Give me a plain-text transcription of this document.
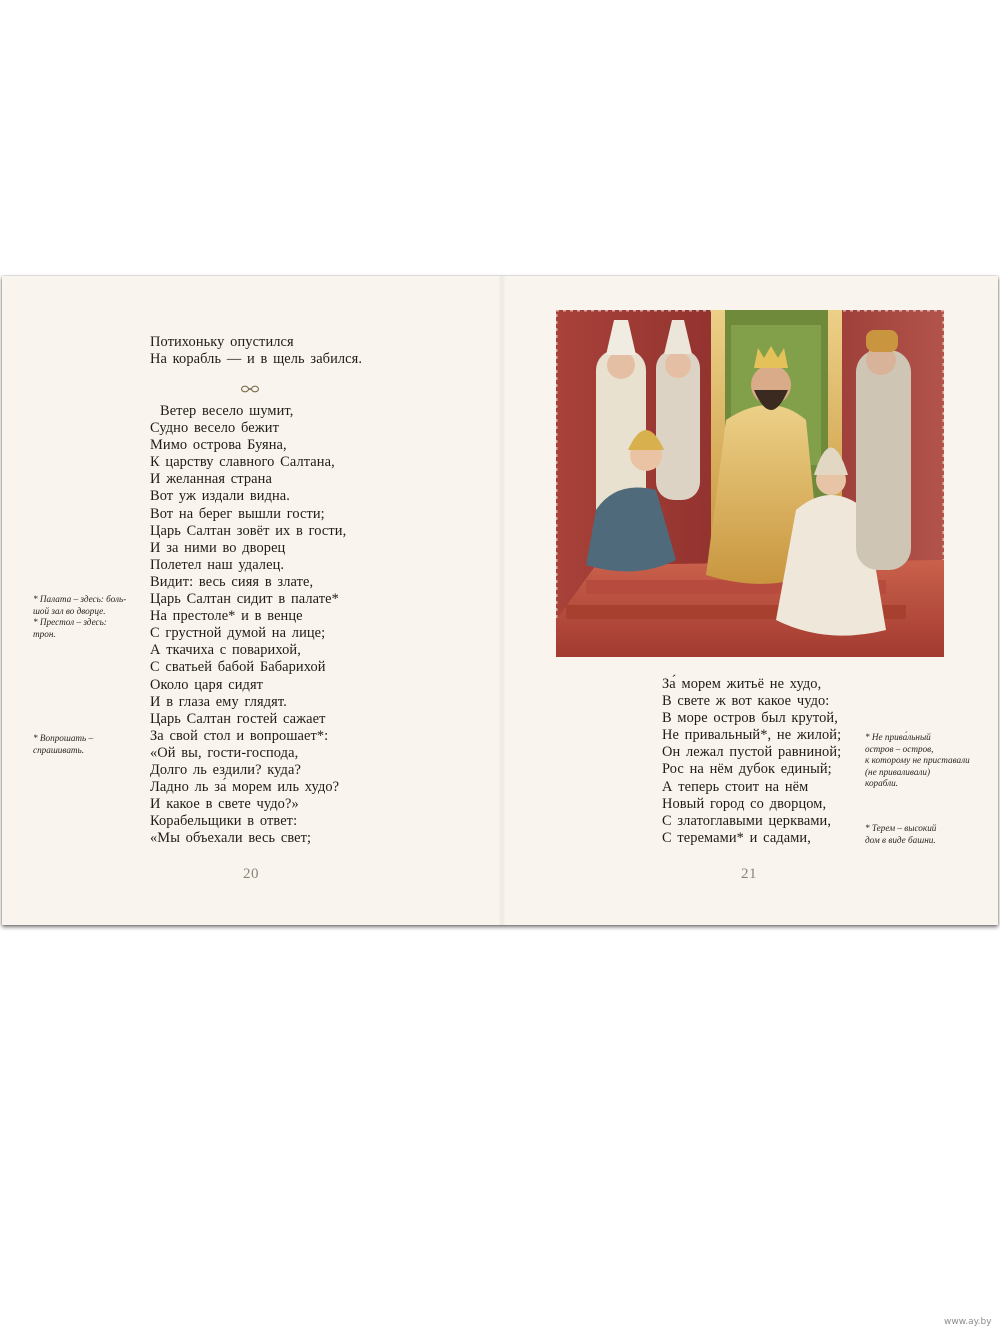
Потихоньку опустился
На корабль — и в щель забился.
Ветер весело шумит,
Судно весело бежит
Мимо острова Буяна,
К царству славного Салтана,
И желанная страна
Вот уж издали видна.
Вот на берег вышли гости;
Царь Салтан зовёт их в гости,
И за ними во дворец
Полетел наш удалец.
Видит: весь сияя в злате,
Царь Салтан сидит в палате*
На престоле* и в венце
С грустной думой на лице;
А ткачиха с поварихой,
С сватьей бабой Бабарихой
Около царя сидят
И в глаза ему глядят.
Царь Салтан гостей сажает
За свой стол и вопрошает*:
«Ой вы, гости-господа,
Долго ль ездили? куда?
Ладно ль за́ морем иль худо?
И какое в свете чудо?»
Корабельщики в ответ:
«Мы объехали весь свет;
* Палата – здесь: боль-
шой зал во дворце.
* Престол – здесь:
трон.
* Вопрошать –
спрашивать.
20
За́ морем житьё не худо,
В свете ж вот какое чудо:
В море остров был крутой,
Не привальный*, не жилой;
Он лежал пустой равниной;
Рос на нём дубок единый;
А теперь стоит на нём
Новый город со дворцом,
С златоглавыми церквами,
С теремами* и садами,
* Не прива́льный
остров – остров,
к которому не приставали
(не приваливали)
корабли.
* Терем – высокий
дом в виде башни.
21
www.ay.by
